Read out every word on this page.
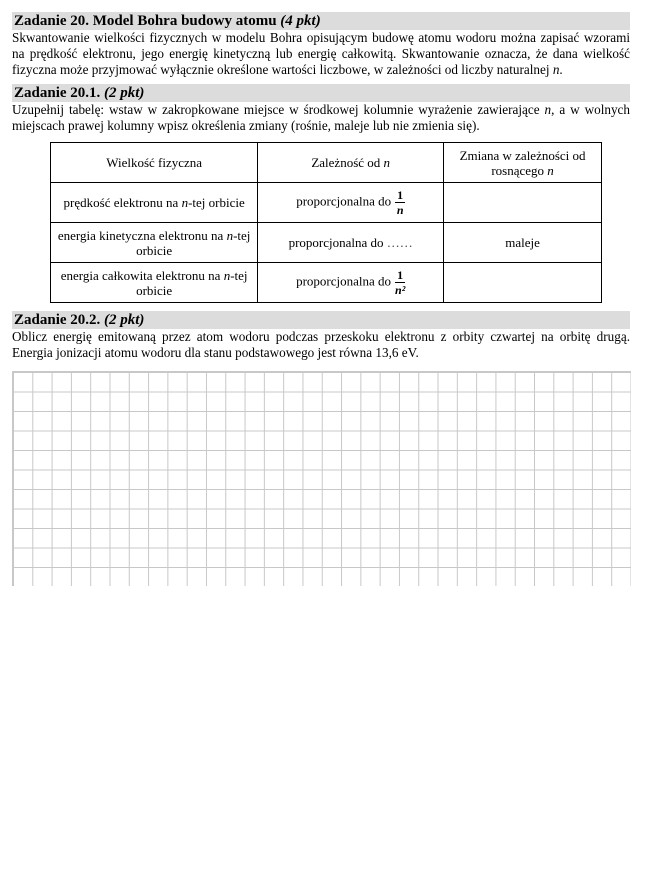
Zadanie 20. Model Bohra budowy atomu (4 pkt)

Skwantowanie wielkości fizycznych w modelu Bohra opisującym budowę atomu wodoru można zapisać wzorami na prędkość elektronu, jego energię kinetyczną lub energię całkowitą. Skwantowanie oznacza, że dana wielkość fizyczna może przyjmować wyłącznie określone wartości liczbowe, w zależności od liczby naturalnej n.

Zadanie 20.1. (2 pkt)

Uzupełnij tabelę: wstaw w zakropkowane miejsce w środkowej kolumnie wyrażenie zawierające n, a w wolnych miejscach prawej kolumny wpisz określenia zmiany (rośnie, maleje lub nie zmienia się).

Wielkość fizyczna	Zależność od n	Zmiana w zależności od rosnącego n
prędkość elektronu na n-tej orbicie	proporcjonalna do $\frac{1}{n}$

energia kinetyczna elektronu na n-tej orbicie	proporcjonalna do ……	maleje
energia całkowita elektronu na n-tej orbicie	proporcjonalna do $\frac{1}{\text{n²}}$

Zadanie 20.2. (2 pkt)

Oblicz energię emitowaną przez atom wodoru podczas przeskoku elektronu z orbity czwartej na orbitę drugą. Energia jonizacji atomu wodoru dla stanu podstawowego jest równa 13,6 eV.
